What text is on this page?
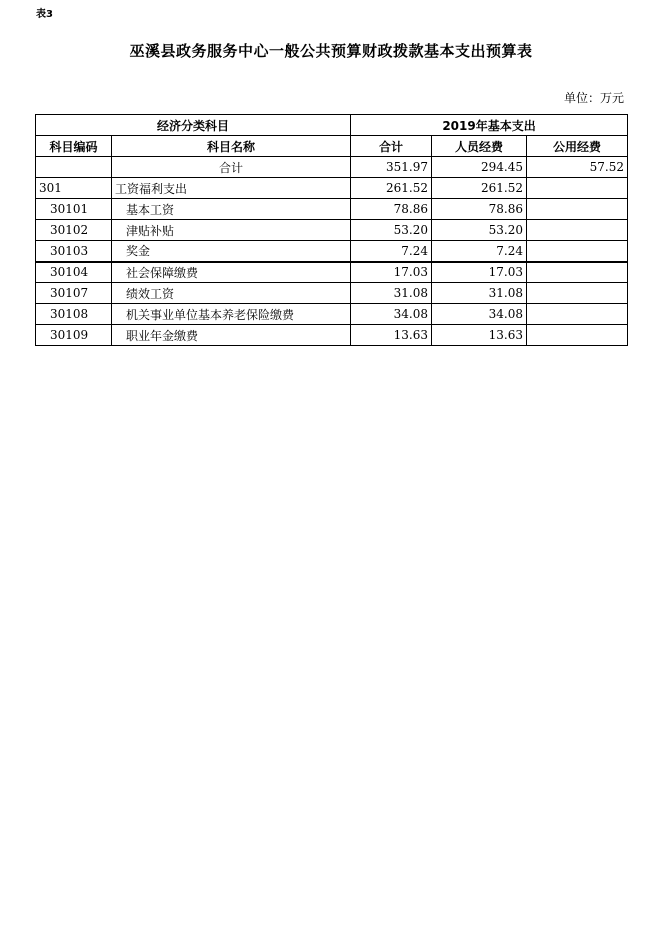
表3
巫溪县政务服务中心一般公共预算财政拨款基本支出预算表
单位：万元
经济分类科目		2019年基本支出		
科目编码	科目名称	合计	人员经费	公用经费
	合计	351.97	294.45	57.52
301	工资福利支出	261.52	261.52	
30101	基本工资	78.86	78.86	
30102	津贴补贴	53.20	53.20	
30103	奖金	7.24	7.24	
30104	社会保障缴费	17.03	17.03	
30107	绩效工资	31.08	31.08	
30108	机关事业单位基本养老保险缴费	34.08	34.08	
30109	职业年金缴费	13.63	13.63	
